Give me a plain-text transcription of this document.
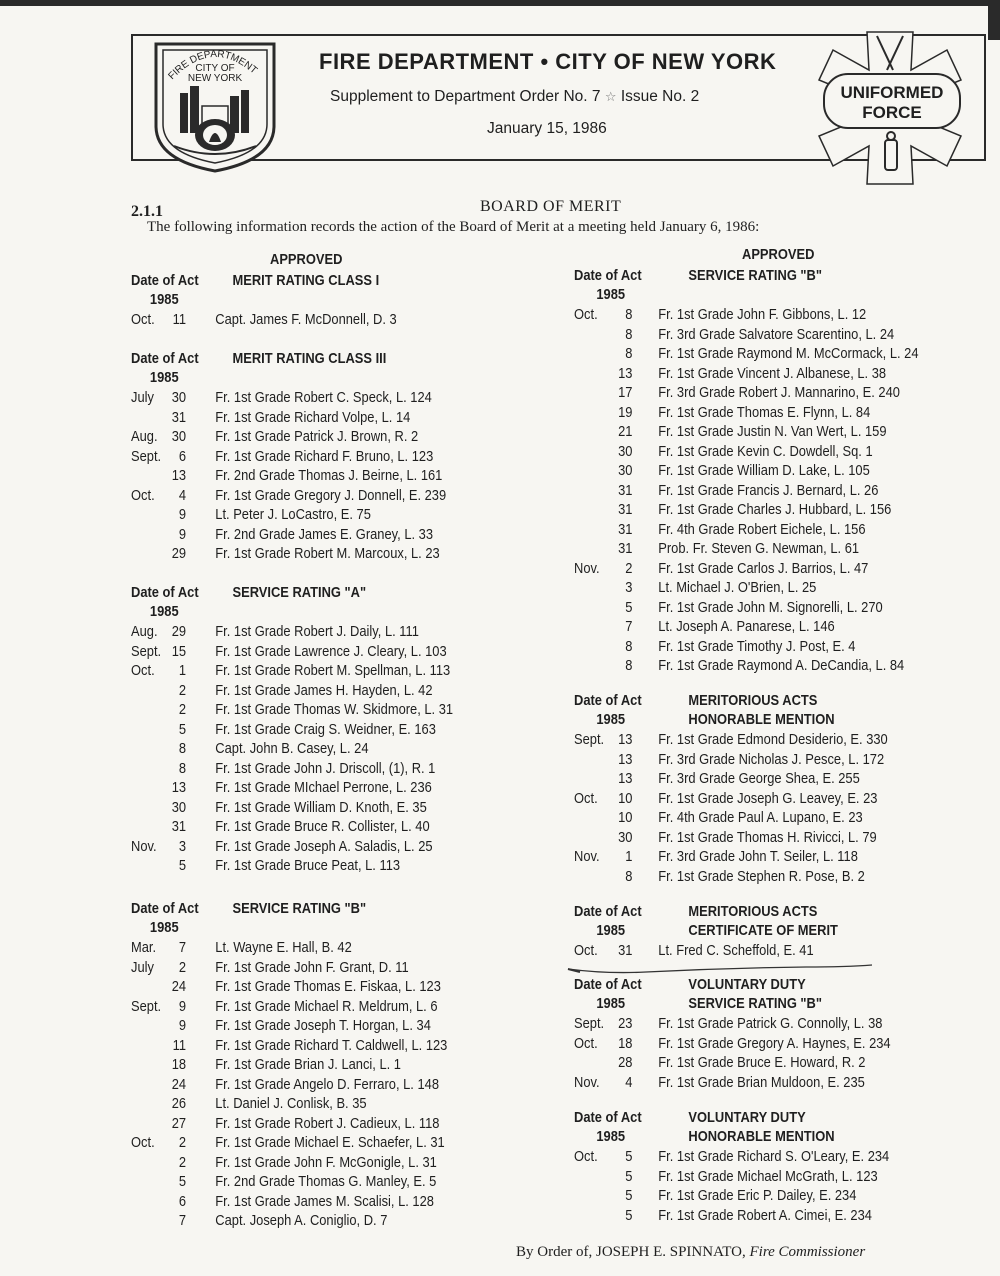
FIRE DEPARTMENT
CITY OF
NEW YORK
FIRE DEPARTMENT • CITY OF NEW YORK
Supplement to Department Order No. 7 ☆ Issue No. 2
January 15, 1986
UNIFORMED
FORCE
2.1.1	BOARD OF MERIT
The following information records the action of the Board of Merit at a meeting held January 6, 1986:
APPROVED	APPROVED
Date of Act
1985
MERIT RATING CLASS I
Oct.	11 Capt. James F. McDonnell, D. 3
Date of Act
1985
MERIT RATING CLASS III
July	30 Fr. 1st Grade Robert C. Speck, L. 124
31 Fr. 1st Grade Richard Volpe, L. 14
Aug. 30 Fr. 1st Grade Patrick J. Brown, R. 2
Sept.	6 Fr. 1st Grade Richard F. Bruno, L. 123
13 Fr. 2nd Grade Thomas J. Beirne, L. 161
Oct.	4 Fr. 1st Grade Gregory J. Donnell, E. 239
9 Lt. Peter J. LoCastro, E. 75
9 Fr. 2nd Grade James E. Graney, L. 33
29 Fr. 1st Grade Robert M. Marcoux, L. 23
Date of Act
1985
SERVICE RATING "A"
Aug. 29 Fr. 1st Grade Robert J. Daily, L. 111
Sept. 15 Fr. 1st Grade Lawrence J. Cleary, L. 103
Oct.	1 Fr. 1st Grade Robert M. Spellman, L. 113
2 Fr. 1st Grade James H. Hayden, L. 42
2 Fr. 1st Grade Thomas W. Skidmore, L. 31
5 Fr. 1st Grade Craig S. Weidner, E. 163
8 Capt. John B. Casey, L. 24
8 Fr. 1st Grade John J. Driscoll, (1), R. 1
13 Fr. 1st Grade MIchael Perrone, L. 236
30 Fr. 1st Grade William D. Knoth, E. 35
31 Fr. 1st Grade Bruce R. Collister, L. 40
Nov.	3 Fr. 1st Grade Joseph A. Saladis, L. 25
5 Fr. 1st Grade Bruce Peat, L. 113
Date of Act
1985
SERVICE RATING "B"
Mar.	7 Lt. Wayne E. Hall, B. 42
July	2 Fr. 1st Grade John F. Grant, D. 11
24 Fr. 1st Grade Thomas E. Fiskaa, L. 123
Sept.	9 Fr. 1st Grade Michael R. Meldrum, L. 6
9 Fr. 1st Grade Joseph T. Horgan, L. 34
11 Fr. 1st Grade Richard T. Caldwell, L. 123
18 Fr. 1st Grade Brian J. Lanci, L. 1
24 Fr. 1st Grade Angelo D. Ferraro, L. 148
26 Lt. Daniel J. Conlisk, B. 35
27 Fr. 1st Grade Robert J. Cadieux, L. 118
Oct.	2 Fr. 1st Grade Michael E. Schaefer, L. 31
2 Fr. 1st Grade John F. McGonigle, L. 31
5 Fr. 2nd Grade Thomas G. Manley, E. 5
6 Fr. 1st Grade James M. Scalisi, L. 128
7 Capt. Joseph A. Coniglio, D. 7
Date of Act
1985
SERVICE RATING "B"
Oct.	8 Fr. 1st Grade John F. Gibbons, L. 12
8 Fr. 3rd Grade Salvatore Scarentino, L. 24
8 Fr. 1st Grade Raymond M. McCormack, L. 24
13 Fr. 1st Grade Vincent J. Albanese, L. 38
17 Fr. 3rd Grade Robert J. Mannarino, E. 240
19 Fr. 1st Grade Thomas E. Flynn, L. 84
21 Fr. 1st Grade Justin N. Van Wert, L. 159
30 Fr. 1st Grade Kevin C. Dowdell, Sq. 1
30 Fr. 1st Grade William D. Lake, L. 105
31 Fr. 1st Grade Francis J. Bernard, L. 26
31 Fr. 1st Grade Charles J. Hubbard, L. 156
31 Fr. 4th Grade Robert Eichele, L. 156
31 Prob. Fr. Steven G. Newman, L. 61
Nov.	2 Fr. 1st Grade Carlos J. Barrios, L. 47
3 Lt. Michael J. O'Brien, L. 25
5 Fr. 1st Grade John M. Signorelli, L. 270
7 Lt. Joseph A. Panarese, L. 146
8 Fr. 1st Grade Timothy J. Post, E. 4
8 Fr. 1st Grade Raymond A. DeCandia, L. 84
Date of Act
1985
MERITORIOUS ACTS
HONORABLE MENTION
Sept. 13 Fr. 1st Grade Edmond Desiderio, E. 330
13 Fr. 3rd Grade Nicholas J. Pesce, L. 172
13 Fr. 3rd Grade George Shea, E. 255
Oct.	10 Fr. 1st Grade Joseph G. Leavey, E. 23
10 Fr. 4th Grade Paul A. Lupano, E. 23
30 Fr. 1st Grade Thomas H. Rivicci, L. 79
Nov.	1 Fr. 3rd Grade John T. Seiler, L. 118
8 Fr. 1st Grade Stephen R. Pose, B. 2
Date of Act
1985
MERITORIOUS ACTS
CERTIFICATE OF MERIT
Oct.	31 Lt. Fred C. Scheffold, E. 41
Date of Act
1985
VOLUNTARY DUTY
SERVICE RATING "B"
Sept. 23 Fr. 1st Grade Patrick G. Connolly, L. 38
Oct.	18 Fr. 1st Grade Gregory A. Haynes, E. 234
28 Fr. 1st Grade Bruce E. Howard, R. 2
Nov.	4 Fr. 1st Grade Brian Muldoon, E. 235
Date of Act
1985
VOLUNTARY DUTY
HONORABLE MENTION
Oct.	5 Fr. 1st Grade Richard S. O'Leary, E. 234
5 Fr. 1st Grade Michael McGrath, L. 123
5 Fr. 1st Grade Eric P. Dailey, E. 234
5 Fr. 1st Grade Robert A. Cimei, E. 234
By Order of, JOSEPH E. SPINNATO, Fire Commissioner
